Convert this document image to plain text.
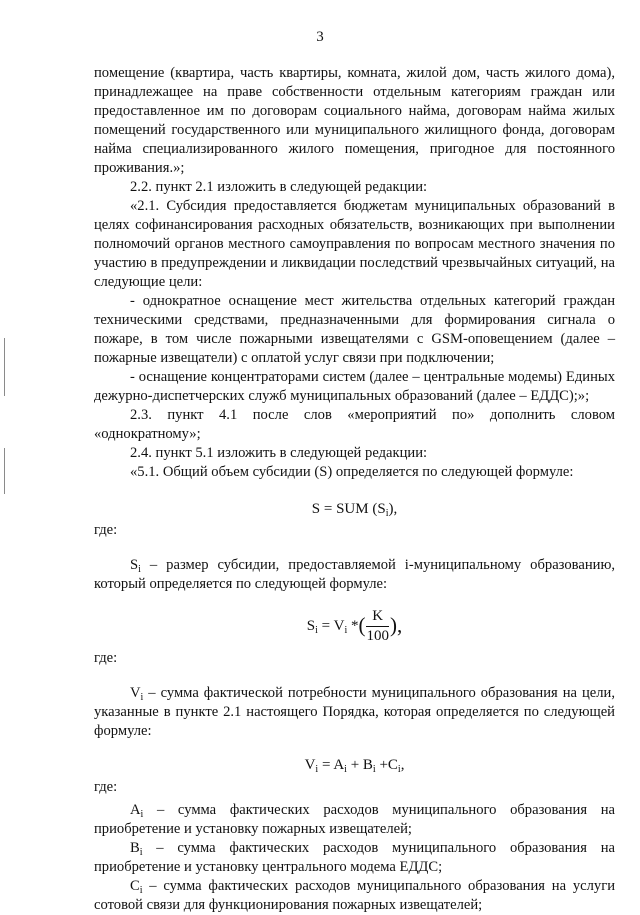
3

помещение (квартира, часть квартиры, комната, жилой дом, часть жилого дома), принадлежащее на праве собственности отдельным категориям граждан или предоставленное им по договорам социального найма, договорам найма жилых помещений государственного или муниципального жилищного фонда, договорам найма специализированного жилого помещения, пригодное для постоянного проживания.»;

2.2. пункт 2.1 изложить в следующей редакции:

«2.1. Субсидия предоставляется бюджетам муниципальных образований в целях софинансирования расходных обязательств, возникающих при выполнении полномочий органов местного самоуправления по вопросам местного значения по участию в предупреждении и ликвидации последствий чрезвычайных ситуаций, на следующие цели:

- однократное оснащение мест жительства отдельных категорий граждан техническими средствами, предназначенными для формирования сигнала о пожаре, в том числе пожарными извещателями с GSM-оповещением (далее – пожарные извещатели) с оплатой услуг связи при подключении;

- оснащение концентраторами систем (далее – центральные модемы) Единых дежурно-диспетчерских служб муниципальных образований (далее – ЕДДС);»;

2.3. пункт 4.1 после слов «мероприятий по» дополнить словом «однократному»;

2.4. пункт 5.1 изложить в следующей редакции:

«5.1. Общий объем субсидии (S) определяется по следующей формуле:

S = SUM $(S_i)$,

где:

$S_i$ – размер субсидии, предоставляемой i-муниципальному образованию, который определяется по следующей формуле:

$S_i = V_i$ *( $\frac{K}{100}$ ),

где:

$V_i$ – сумма фактической потребности муниципального образования на цели, указанные в пункте 2.1 настоящего Порядка, которая определяется по следующей формуле:

$V_i = A_i + B_i +C_i$,

где:

$A_i$ – сумма фактических расходов муниципального образования на приобретение и установку пожарных извещателей;

$B_i$ – сумма фактических расходов муниципального образования на приобретение и установку центрального модема ЕДДС;

$C_i$ – сумма фактических расходов муниципального образования на услуги сотовой связи для функционирования пожарных извещателей;
